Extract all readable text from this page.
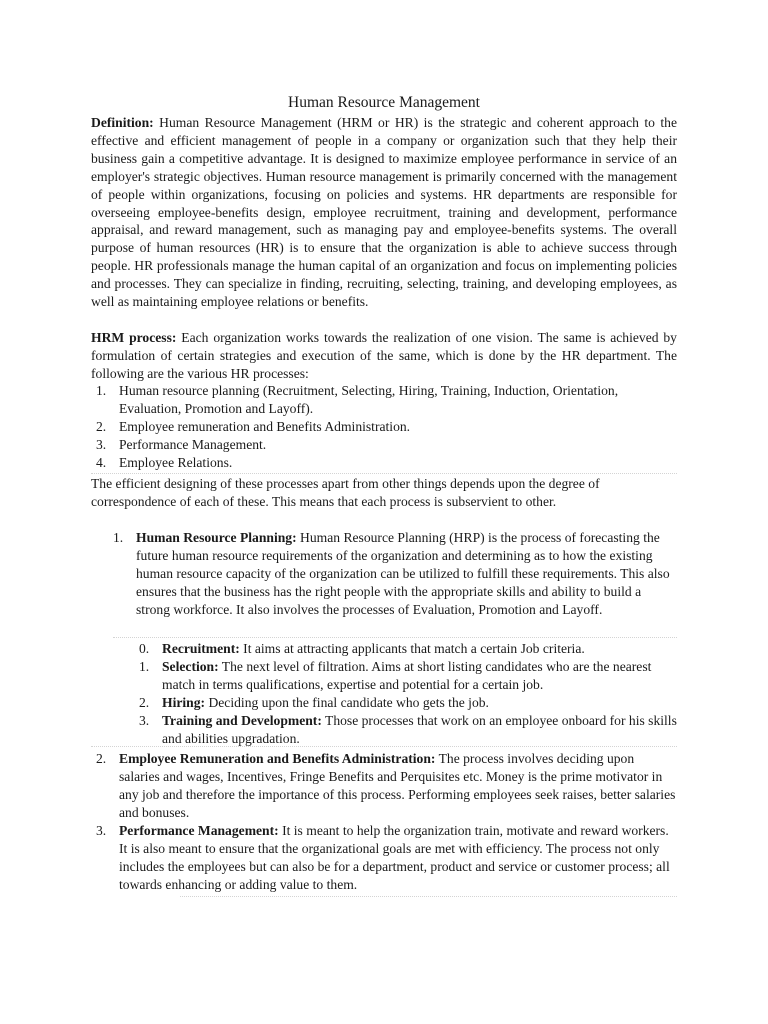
Human Resource Management
Definition: Human Resource Management (HRM or HR) is the strategic and coherent approach to the effective and efficient management of people in a company or organization such that they help their business gain a competitive advantage. It is designed to maximize employee performance in service of an employer's strategic objectives. Human resource management is primarily concerned with the management of people within organizations, focusing on policies and systems. HR departments are responsible for overseeing employee-benefits design, employee recruitment, training and development, performance appraisal, and reward management, such as managing pay and employee-benefits systems. The overall purpose of human resources (HR) is to ensure that the organization is able to achieve success through people. HR professionals manage the human capital of an organization and focus on implementing policies and processes. They can specialize in finding, recruiting, selecting, training, and developing employees, as well as maintaining employee relations or benefits.
HRM process: Each organization works towards the realization of one vision. The same is achieved by formulation of certain strategies and execution of the same, which is done by the HR department. The following are the various HR processes:
1. Human resource planning (Recruitment, Selecting, Hiring, Training, Induction, Orientation, Evaluation, Promotion and Layoff).
2. Employee remuneration and Benefits Administration.
3. Performance Management.
4. Employee Relations.
The efficient designing of these processes apart from other things depends upon the degree of correspondence of each of these. This means that each process is subservient to other.
1. Human Resource Planning: Human Resource Planning (HRP) is the process of forecasting the future human resource requirements of the organization and determining as to how the existing human resource capacity of the organization can be utilized to fulfill these requirements. This also ensures that the business has the right people with the appropriate skills and ability to build a strong workforce. It also involves the processes of Evaluation, Promotion and Layoff.
0. Recruitment: It aims at attracting applicants that match a certain Job criteria.
1. Selection: The next level of filtration. Aims at short listing candidates who are the nearest match in terms qualifications, expertise and potential for a certain job.
2. Hiring: Deciding upon the final candidate who gets the job.
3. Training and Development: Those processes that work on an employee onboard for his skills and abilities upgradation.
2. Employee Remuneration and Benefits Administration: The process involves deciding upon salaries and wages, Incentives, Fringe Benefits and Perquisites etc. Money is the prime motivator in any job and therefore the importance of this process. Performing employees seek raises, better salaries and bonuses.
3. Performance Management: It is meant to help the organization train, motivate and reward workers. It is also meant to ensure that the organizational goals are met with efficiency. The process not only includes the employees but can also be for a department, product and service or customer process; all towards enhancing or adding value to them.
